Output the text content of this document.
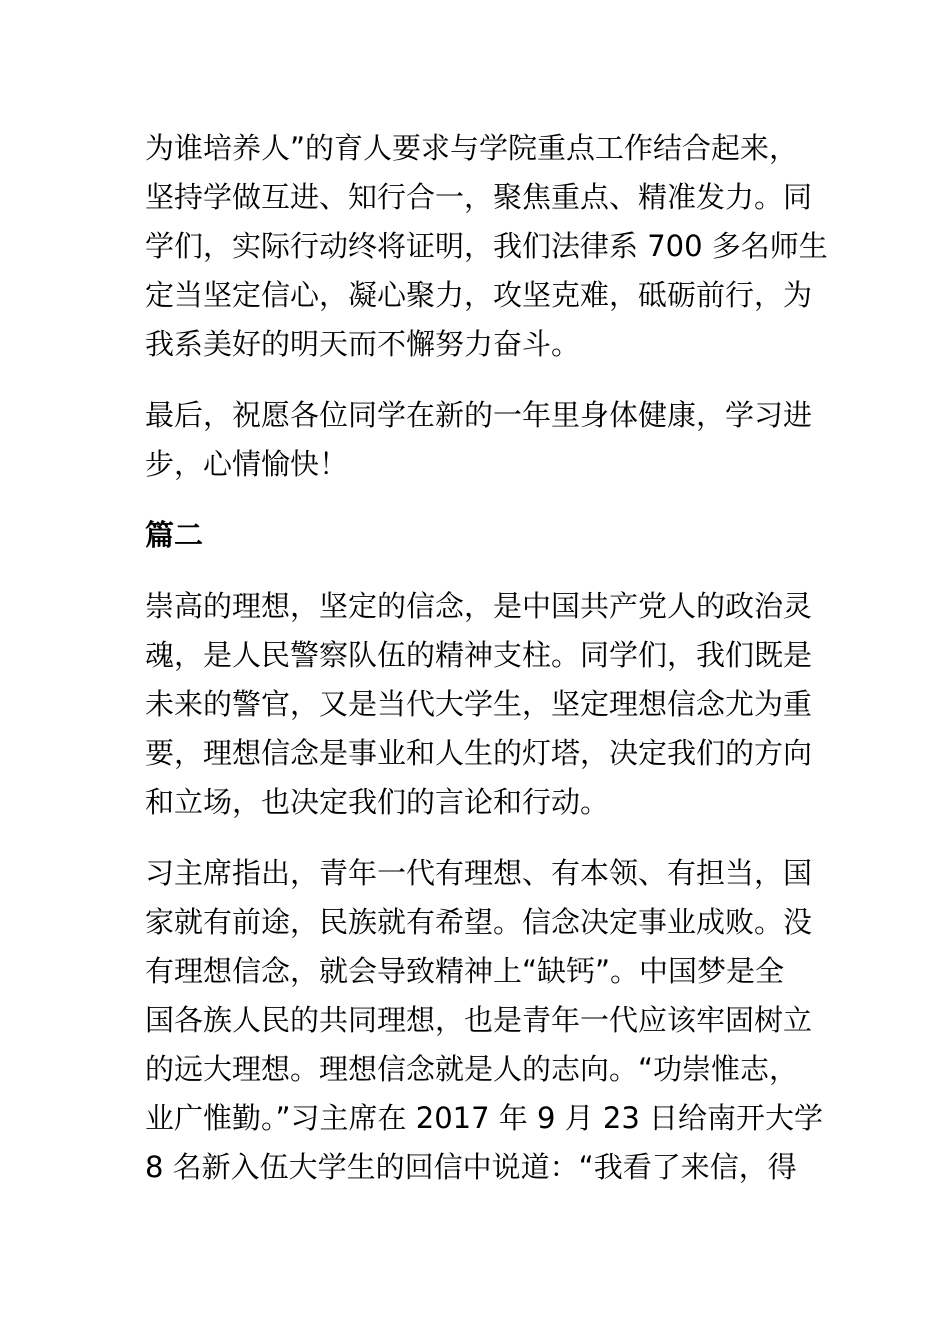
为谁培养人”的育人要求与学院重点工作结合起来，
坚持学做互进、知行合一，聚焦重点、精准发力。同
学们，实际行动终将证明，我们法律系 700 多名师生
定当坚定信心，凝心聚力，攻坚克难，砥砺前行，为
我系美好的明天而不懈努力奋斗。

最后，祝愿各位同学在新的一年里身体健康，学习进
步，心情愉快！

篇二

崇高的理想，坚定的信念，是中国共产党人的政治灵
魂，是人民警察队伍的精神支柱。同学们，我们既是
未来的警官，又是当代大学生，坚定理想信念尤为重
要，理想信念是事业和人生的灯塔，决定我们的方向
和立场，也决定我们的言论和行动。

习主席指出，青年一代有理想、有本领、有担当，国
家就有前途，民族就有希望。信念决定事业成败。没
有理想信念，就会导致精神上“缺钙”。中国梦是全
国各族人民的共同理想，也是青年一代应该牢固树立
的远大理想。理想信念就是人的志向。“功崇惟志，
业广惟勤。”习主席在 2017 年 9 月 23 日给南开大学
8 名新入伍大学生的回信中说道：“我看了来信，得
